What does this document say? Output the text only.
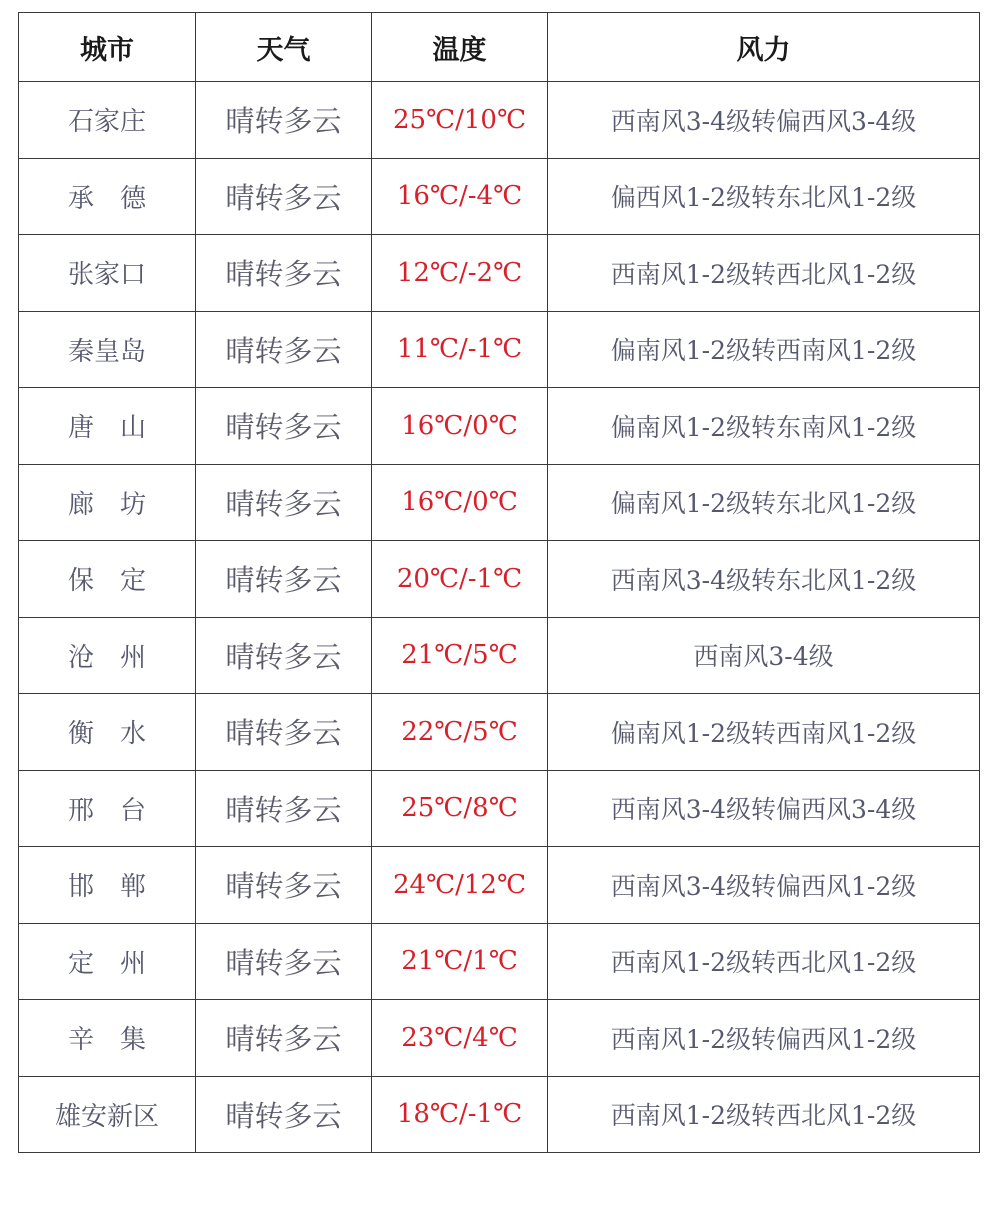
城市	天气	温度	风力
石家庄	晴转多云	25℃/10℃	西南风3-4级转偏西风3-4级
承　德	晴转多云	16℃/-4℃	偏西风1-2级转东北风1-2级
张家口	晴转多云	12℃/-2℃	西南风1-2级转西北风1-2级
秦皇岛	晴转多云	11℃/-1℃	偏南风1-2级转西南风1-2级
唐　山	晴转多云	16℃/0℃	偏南风1-2级转东南风1-2级
廊　坊	晴转多云	16℃/0℃	偏南风1-2级转东北风1-2级
保　定	晴转多云	20℃/-1℃	西南风3-4级转东北风1-2级
沧　州	晴转多云	21℃/5℃	西南风3-4级
衡　水	晴转多云	22℃/5℃	偏南风1-2级转西南风1-2级
邢　台	晴转多云	25℃/8℃	西南风3-4级转偏西风3-4级
邯　郸	晴转多云	24℃/12℃	西南风3-4级转偏西风1-2级
定　州	晴转多云	21℃/1℃	西南风1-2级转西北风1-2级
辛　集	晴转多云	23℃/4℃	西南风1-2级转偏西风1-2级
雄安新区	晴转多云	18℃/-1℃	西南风1-2级转西北风1-2级
